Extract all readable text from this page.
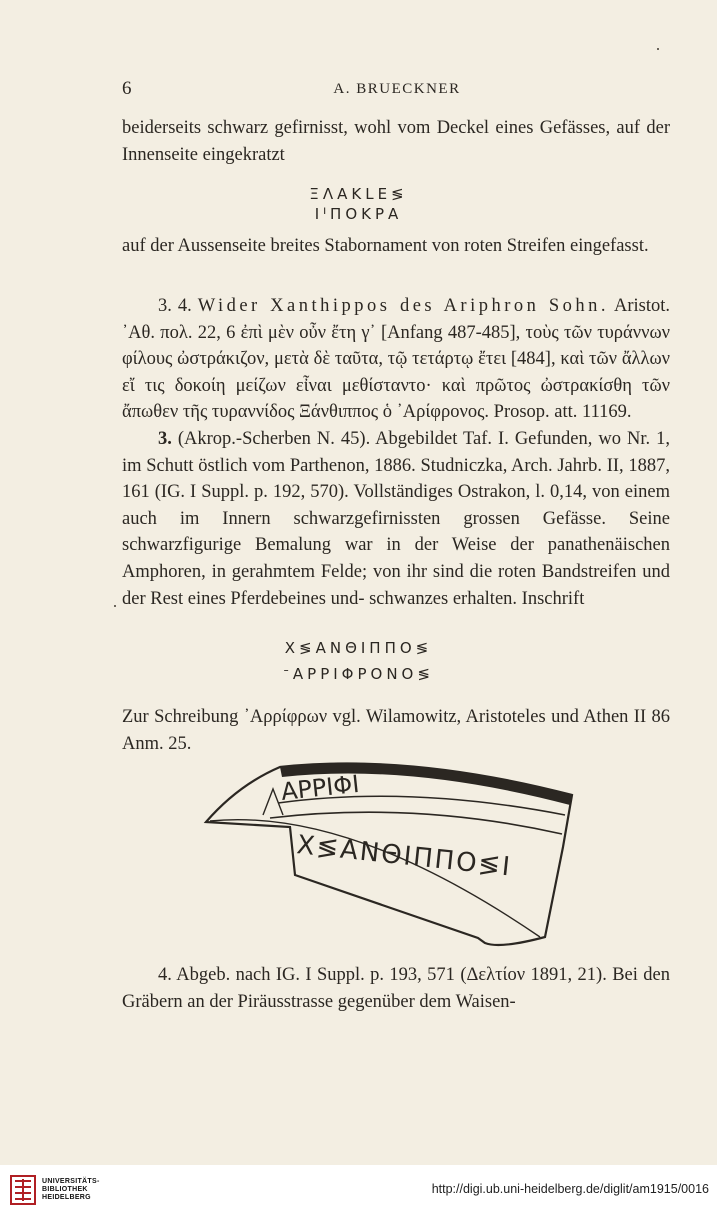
6	A. BRUECKNER

beiderseits schwarz gefirnisst, wohl vom Deckel eines Gefässes, auf der Innenseite eingekratzt

ΞΛΑΚLΕ≶
ΙᑊΠΟΚΡΑ

auf der Aussenseite breites Stabornament von roten Streifen eingefasst.

3. 4. Wider Xanthippos des Ariphron Sohn. Aristot. ᾿Αθ. πολ. 22, 6 ἐπὶ μὲν οὖν ἔτη γ᾿ [Anfang 487-485], τοὺς τῶν τυράννων φίλους ὠστράκιζον, μετὰ δὲ ταῦτα, τῷ τετάρτῳ ἔτει [484], καὶ τῶν ἄλλων εἴ τις δοκοίη μείζων εἶναι μεθίσταντο· καὶ πρῶτος ὠστρακίσθη τῶν ἄπωθεν τῆς τυραννίδος Ξάνθιππος ὁ ᾿Αρίφρονος. Prosop. att. 11169.

3. (Akrop.-Scherben N. 45). Abgebildet Taf. I. Gefunden, wo Nr. 1, im Schutt östlich vom Parthenon, 1886. Studniczka, Arch. Jahrb. II, 1887, 161 (IG. I Suppl. p. 192, 570). Vollständiges Ostrakon, l. 0,14, von einem auch im Innern schwarzgefirnissten grossen Gefässe. Seine schwarzfigurige Bemalung war in der Weise der panathenäischen Amphoren, in gerahmtem Felde; von ihr sind die roten Bandstreifen und der Rest eines Pferdebeines und- schwanzes erhalten. Inschrift

Χ≶ΑΝΘΙΠΠΟ≶
ᐨΑΡΡΙΦΡΟΝΟ≶

Zur Schreibung ᾿Αρρίφρων vgl. Wilamowitz, Aristoteles und Athen II 86 Anm. 25.

ΑΡΡΙΦΙ
Χ≶ΑΝΘΙΠΠΟ≶Ι

4. Abgeb. nach IG. I Suppl. p. 193, 571 (Δελτίον 1891, 21). Bei den Gräbern an der Piräusstrasse gegenüber dem Waisen-

UNIVERSITÄTS-
BIBLIOTHEK
HEIDELBERG
http://digi.ub.uni-heidelberg.de/diglit/am1915/0016
